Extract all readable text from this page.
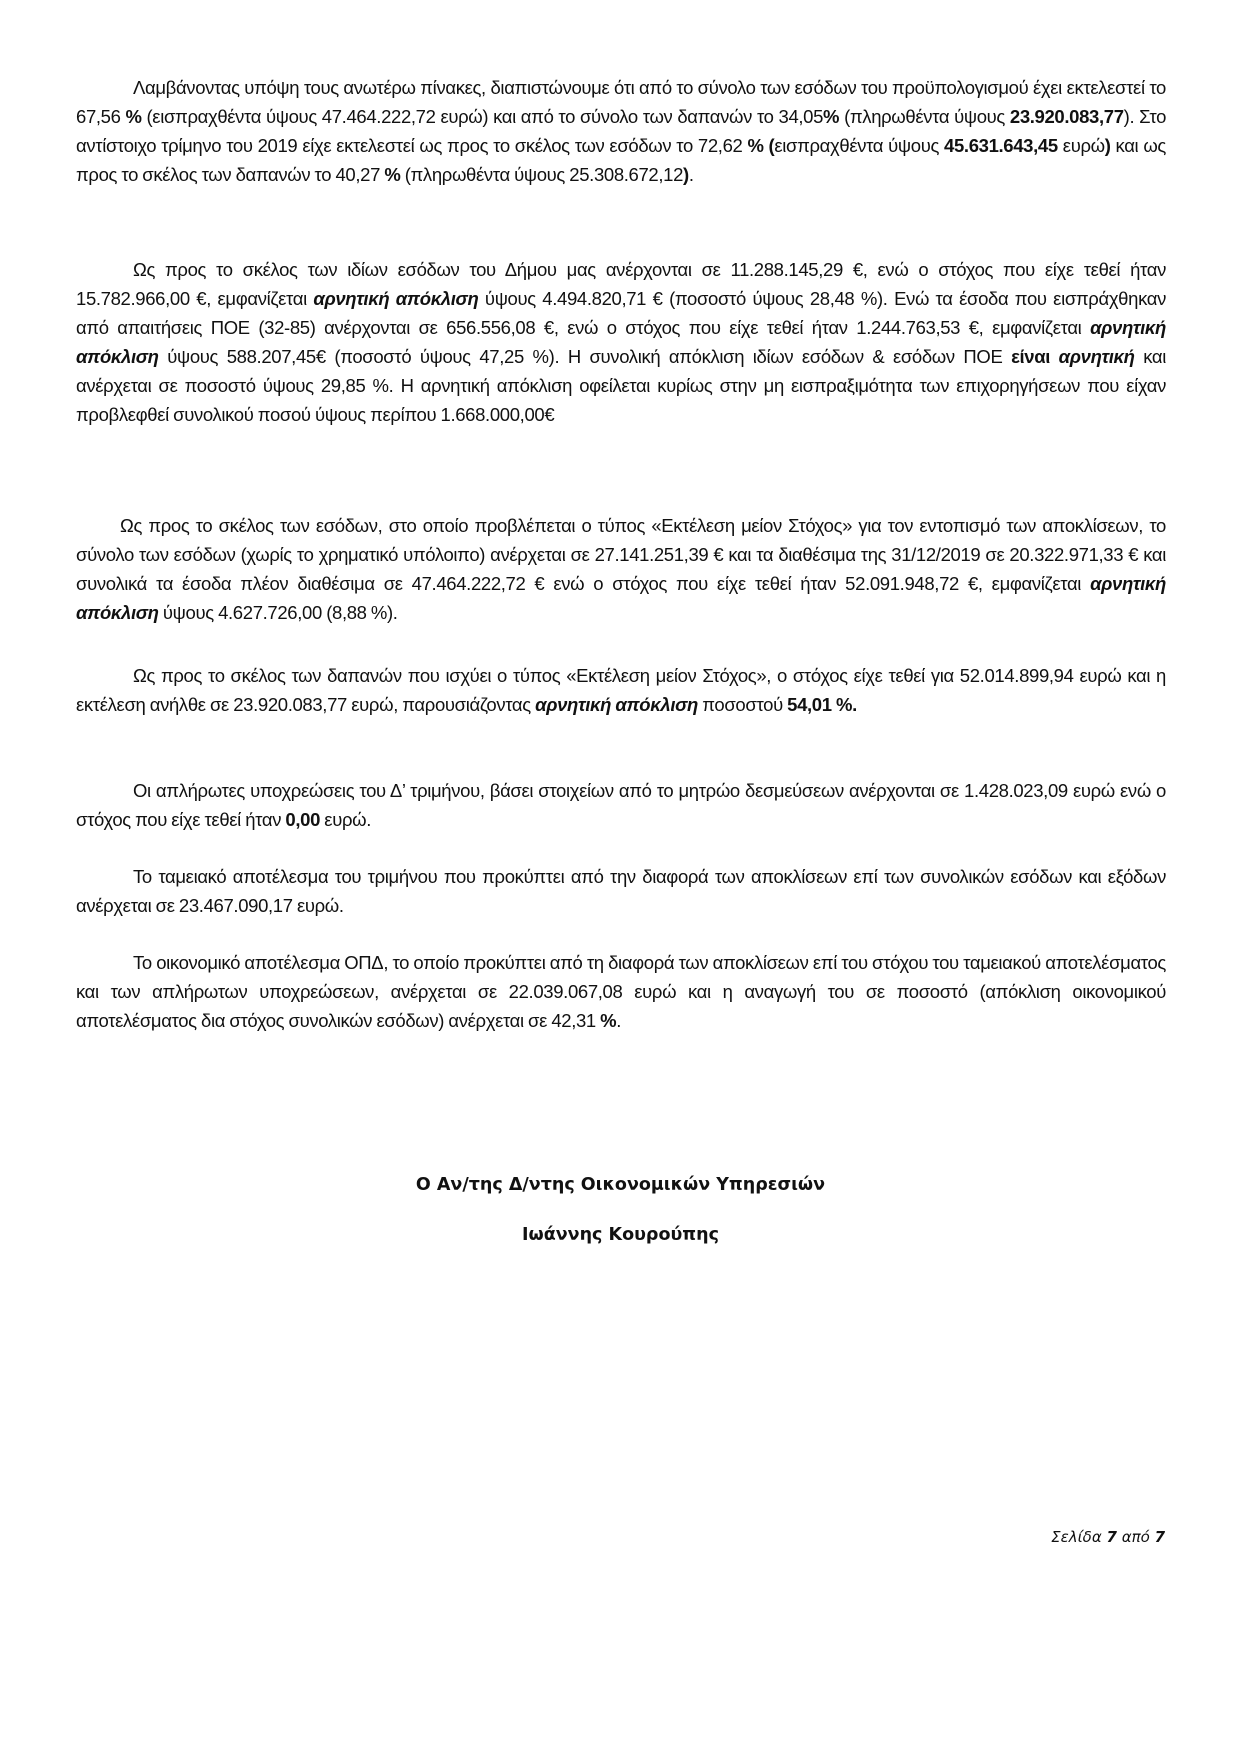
Λαμβάνοντας υπόψη τους ανωτέρω πίνακες, διαπιστώνουμε ότι από το σύνολο των εσόδων του προϋπολογισμού έχει εκτελεστεί το 67,56 % (εισπραχθέντα ύψους 47.464.222,72 ευρώ) και από το σύνολο των δαπανών το 34,05% (πληρωθέντα ύψους 23.920.083,77). Στο αντίστοιχο τρίμηνο του 2019 είχε εκτελεστεί ως προς το σκέλος των εσόδων το 72,62 % (εισπραχθέντα ύψους 45.631.643,45 ευρώ) και ως προς το σκέλος των δαπανών το 40,27 % (πληρωθέντα ύψους 25.308.672,12).

Ως προς το σκέλος των ιδίων εσόδων του Δήμου μας ανέρχονται σε 11.288.145,29 €, ενώ ο στόχος που είχε τεθεί ήταν 15.782.966,00 €, εμφανίζεται αρνητική απόκλιση ύψους 4.494.820,71 € (ποσοστό ύψους 28,48 %). Ενώ τα έσοδα που εισπράχθηκαν από απαιτήσεις ΠΟΕ (32-85) ανέρχονται σε 656.556,08 €, ενώ ο στόχος που είχε τεθεί ήταν 1.244.763,53 €, εμφανίζεται αρνητική απόκλιση ύψους 588.207,45€ (ποσοστό ύψους 47,25 %). Η συνολική απόκλιση ιδίων εσόδων & εσόδων ΠΟΕ είναι αρνητική και ανέρχεται σε ποσοστό ύψους 29,85 %. Η αρνητική απόκλιση οφείλεται κυρίως στην μη εισπραξιμότητα των επιχορηγήσεων που είχαν προβλεφθεί συνολικού ποσού ύψους περίπου 1.668.000,00€

Ως προς το σκέλος των εσόδων, στο οποίο προβλέπεται ο τύπος «Εκτέλεση μείον Στόχος» για τον εντοπισμό των αποκλίσεων, το σύνολο των εσόδων (χωρίς το χρηματικό υπόλοιπο) ανέρχεται σε 27.141.251,39 € και τα διαθέσιμα της 31/12/2019 σε 20.322.971,33 € και συνολικά τα έσοδα πλέον διαθέσιμα σε 47.464.222,72 € ενώ ο στόχος που είχε τεθεί ήταν 52.091.948,72 €, εμφανίζεται αρνητική απόκλιση ύψους 4.627.726,00 (8,88 %).

Ως προς το σκέλος των δαπανών που ισχύει ο τύπος «Εκτέλεση μείον Στόχος», ο στόχος είχε τεθεί για 52.014.899,94 ευρώ και η εκτέλεση ανήλθε σε 23.920.083,77 ευρώ, παρουσιάζοντας αρνητική απόκλιση ποσοστού 54,01 %.

Οι απλήρωτες υποχρεώσεις του Δ’ τριμήνου, βάσει στοιχείων από το μητρώο δεσμεύσεων ανέρχονται σε 1.428.023,09 ευρώ ενώ ο στόχος που είχε τεθεί ήταν 0,00 ευρώ.

Το ταμειακό αποτέλεσμα του τριμήνου που προκύπτει από την διαφορά των αποκλίσεων επί των συνολικών εσόδων και εξόδων ανέρχεται σε 23.467.090,17 ευρώ.

Το οικονομικό αποτέλεσμα ΟΠΔ, το οποίο προκύπτει από τη διαφορά των αποκλίσεων επί του στόχου του ταμειακού αποτελέσματος και των απλήρωτων υποχρεώσεων, ανέρχεται σε 22.039.067,08 ευρώ και η αναγωγή του σε ποσοστό (απόκλιση οικονομικού αποτελέσματος δια στόχος συνολικών εσόδων) ανέρχεται σε 42,31 %.

Ο Αν/της Δ/ντης Οικονομικών Υπηρεσιών
Ιωάννης Κουρούπης
Σελίδα 7 από 7
